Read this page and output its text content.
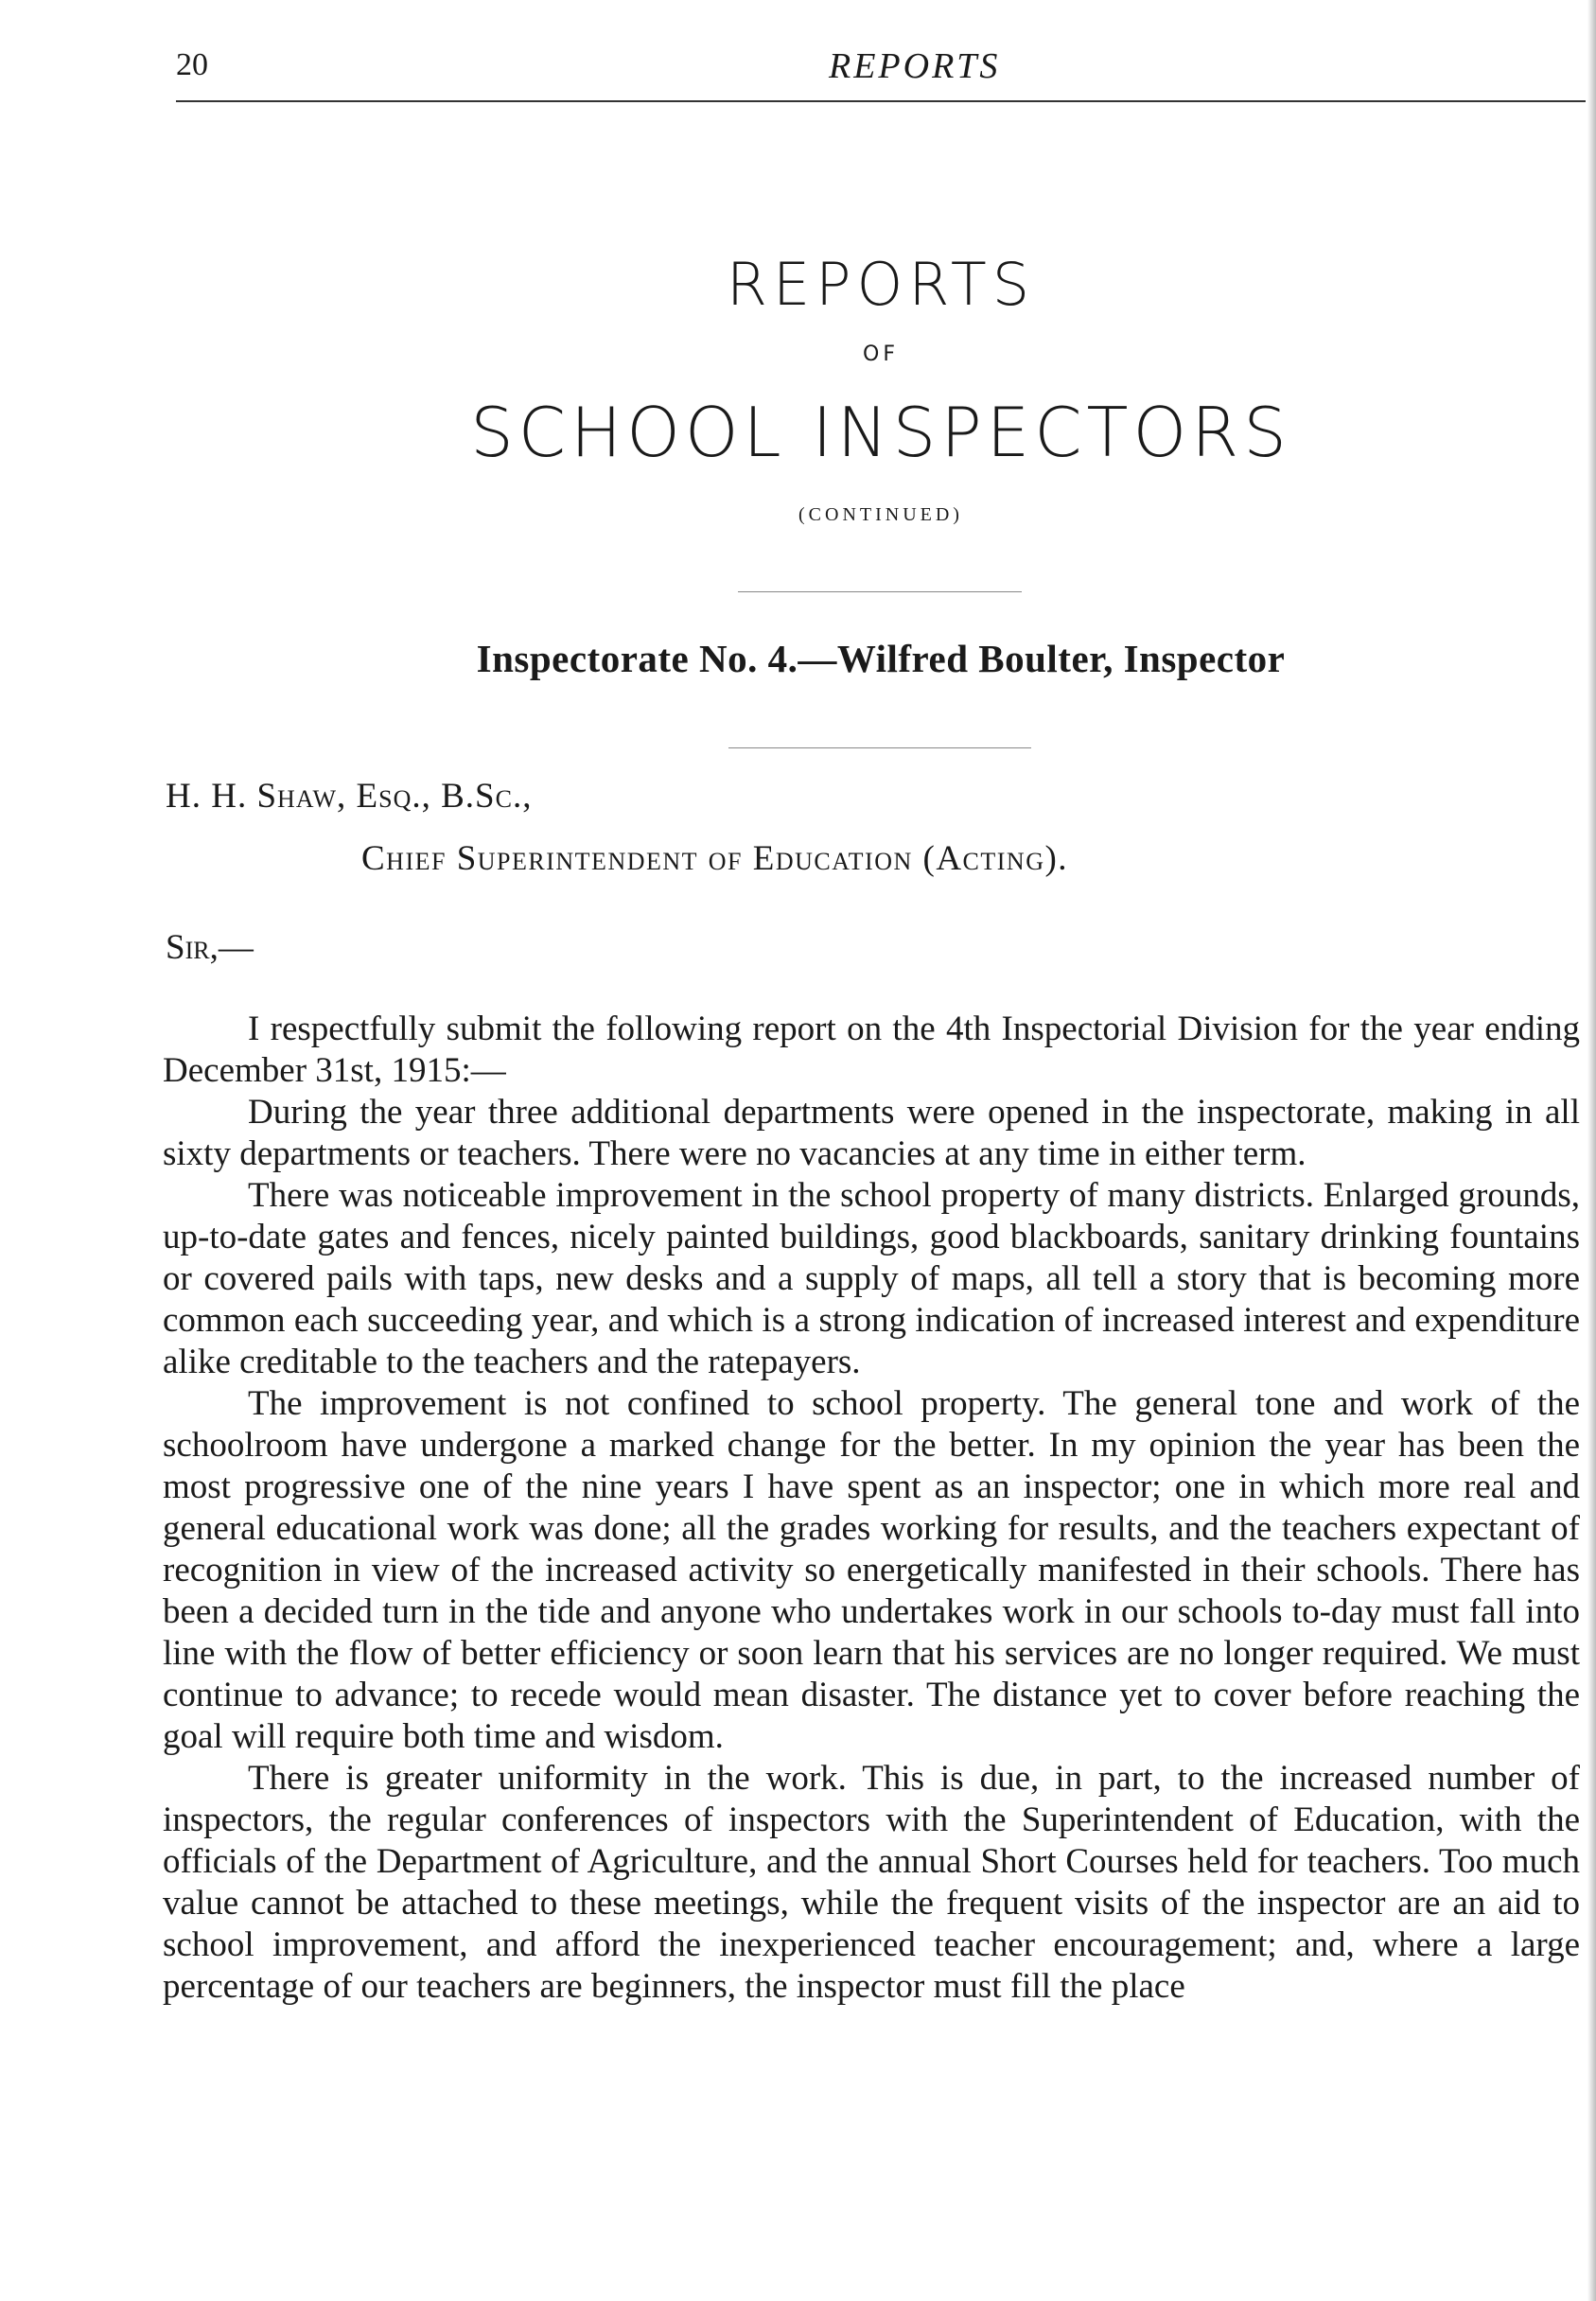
20	REPORTS
REPORTS
OF
SCHOOL INSPECTORS
(CONTINUED)
Inspectorate No. 4.—Wilfred Boulter, Inspector
H. H. Shaw, Esq., B.Sc.,
Chief Superintendent of Education (Acting).
Sir,—

I respectfully submit the following report on the 4th Inspectorial Division for the year ending December 31st, 1915:—

During the year three additional departments were opened in the inspectorate, making in all sixty departments or teachers. There were no vacancies at any time in either term.

There was noticeable improvement in the school property of many districts. Enlarged grounds, up-to-date gates and fences, nicely painted buildings, good blackboards, sanitary drinking fountains or covered pails with taps, new desks and a supply of maps, all tell a story that is becoming more common each succeeding year, and which is a strong indication of increased interest and expenditure alike creditable to the teachers and the ratepayers.

The improvement is not confined to school property. The general tone and work of the schoolroom have undergone a marked change for the better. In my opinion the year has been the most progressive one of the nine years I have spent as an inspector; one in which more real and general educational work was done; all the grades working for results, and the teachers expectant of recognition in view of the increased activity so energetically manifested in their schools. There has been a decided turn in the tide and anyone who undertakes work in our schools to-day must fall into line with the flow of better efficiency or soon learn that his services are no longer required. We must continue to advance; to recede would mean disaster. The distance yet to cover before reaching the goal will require both time and wisdom.

There is greater uniformity in the work. This is due, in part, to the increased number of inspectors, the regular conferences of inspectors with the Superintendent of Education, with the officials of the Department of Agriculture, and the annual Short Courses held for teachers. Too much value cannot be attached to these meetings, while the frequent visits of the inspector are an aid to school improvement, and afford the inexperienced teacher encouragement; and, where a large percentage of our teachers are beginners, the inspector must fill the place
